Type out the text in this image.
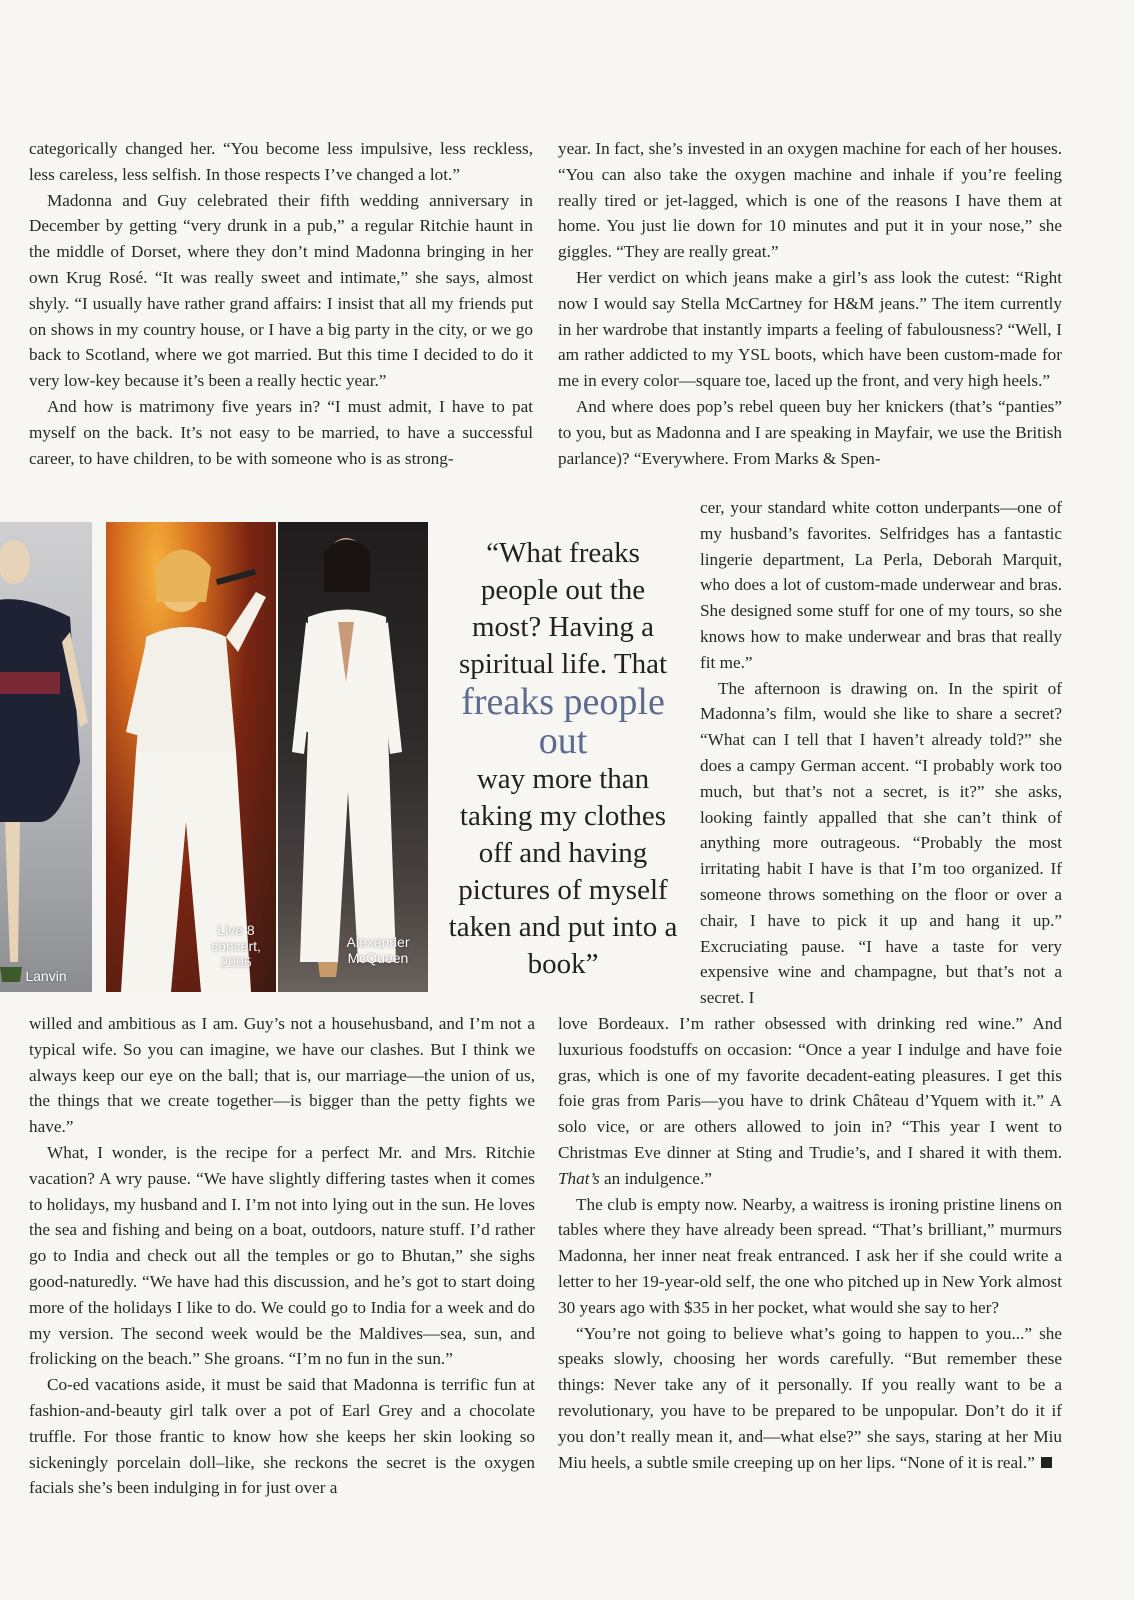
categorically changed her. “You become less impulsive, less reckless, less careless, less selfish. In those respects I’ve changed a lot.”

Madonna and Guy celebrated their fifth wedding anniversary in December by getting “very drunk in a pub,” a regular Ritchie haunt in the middle of Dorset, where they don’t mind Madonna bringing in her own Krug Rosé. “It was really sweet and intimate,” she says, almost shyly. “I usually have rather grand affairs: I insist that all my friends put on shows in my country house, or I have a big party in the city, or we go back to Scotland, where we got married. But this time I decided to do it very low-key because it’s been a really hectic year.”

And how is matrimony five years in? “I must admit, I have to pat myself on the back. It’s not easy to be married, to have a successful career, to have children, to be with someone who is as strong-

year. In fact, she’s invested in an oxygen machine for each of her houses. “You can also take the oxygen machine and inhale if you’re feeling really tired or jet-lagged, which is one of the reasons I have them at home. You just lie down for 10 minutes and put it in your nose,” she giggles. “They are really great.”

Her verdict on which jeans make a girl’s ass look the cutest: “Right now I would say Stella McCartney for H&M jeans.” The item currently in her wardrobe that instantly imparts a feeling of fabulousness? “Well, I am rather addicted to my YSL boots, which have been custom-made for me in every color—square toe, laced up the front, and very high heels.”

And where does pop’s rebel queen buy her knickers (that’s “panties” to you, but as Madonna and I are speaking in Mayfair, we use the British parlance)? “Everywhere. From Marks & Spen-

Lanvin
Live 8 concert, 2005
Alexander McQueen
“What freaks people out the most? Having a spiritual life. That
freaks people out
way more than taking my clothes off and having pictures of myself taken and put into a book”

cer, your standard white cotton underpants—one of my husband’s favorites. Selfridges has a fantastic lingerie department, La Perla, Deborah Marquit, who does a lot of custom-made underwear and bras. She designed some stuff for one of my tours, so she knows how to make underwear and bras that really fit me.”

The afternoon is drawing on. In the spirit of Madonna’s film, would she like to share a secret? “What can I tell that I haven’t already told?” she does a campy German accent. “I probably work too much, but that’s not a secret, is it?” she asks, looking faintly appalled that she can’t think of anything more outrageous. “Probably the most irritating habit I have is that I’m too organized. If someone throws something on the floor or over a chair, I have to pick it up and hang it up.” Excruciating pause. “I have a taste for very expensive wine and champagne, but that’s not a secret. I

willed and ambitious as I am. Guy’s not a househusband, and I’m not a typical wife. So you can imagine, we have our clashes. But I think we always keep our eye on the ball; that is, our marriage—the union of us, the things that we create together—is bigger than the petty fights we have.”

What, I wonder, is the recipe for a perfect Mr. and Mrs. Ritchie vacation? A wry pause. “We have slightly differing tastes when it comes to holidays, my husband and I. I’m not into lying out in the sun. He loves the sea and fishing and being on a boat, outdoors, nature stuff. I’d rather go to India and check out all the temples or go to Bhutan,” she sighs good-naturedly. “We have had this discussion, and he’s got to start doing more of the holidays I like to do. We could go to India for a week and do my version. The second week would be the Maldives—sea, sun, and frolicking on the beach.” She groans. “I’m no fun in the sun.”

Co-ed vacations aside, it must be said that Madonna is terrific fun at fashion-and-beauty girl talk over a pot of Earl Grey and a chocolate truffle. For those frantic to know how she keeps her skin looking so sickeningly porcelain doll–like, she reckons the secret is the oxygen facials she’s been indulging in for just over a

love Bordeaux. I’m rather obsessed with drinking red wine.” And luxurious foodstuffs on occasion: “Once a year I indulge and have foie gras, which is one of my favorite decadent-eating pleasures. I get this foie gras from Paris—you have to drink Château d’Yquem with it.” A solo vice, or are others allowed to join in? “This year I went to Christmas Eve dinner at Sting and Trudie’s, and I shared it with them. That’s an indulgence.”

The club is empty now. Nearby, a waitress is ironing pristine linens on tables where they have already been spread. “That’s brilliant,” murmurs Madonna, her inner neat freak entranced. I ask her if she could write a letter to her 19-year-old self, the one who pitched up in New York almost 30 years ago with $35 in her pocket, what would she say to her?

“You’re not going to believe what’s going to happen to you...” she speaks slowly, choosing her words carefully. “But remember these things: Never take any of it personally. If you really want to be a revolutionary, you have to be prepared to be unpopular. Don’t do it if you don’t really mean it, and—what else?” she says, staring at her Miu Miu heels, a subtle smile creeping up on her lips. “None of it is real.”
